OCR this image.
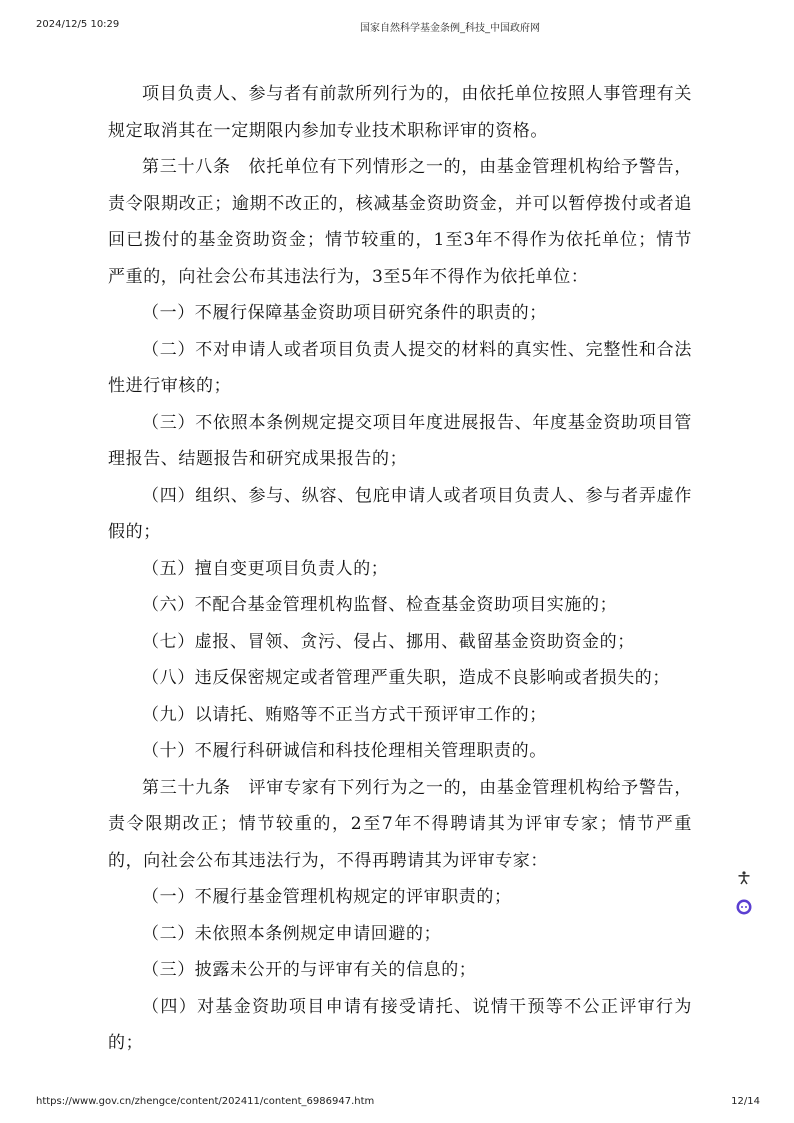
2024/12/5 10:29	国家自然科学基金条例_科技_中国政府网

项目负责人、参与者有前款所列行为的，由依托单位按照人事管理有关规定取消其在一定期限内参加专业技术职称评审的资格。

第三十八条　依托单位有下列情形之一的，由基金管理机构给予警告，责令限期改正；逾期不改正的，核减基金资助资金，并可以暂停拨付或者追回已拨付的基金资助资金；情节较重的，1至3年不得作为依托单位；情节严重的，向社会公布其违法行为，3至5年不得作为依托单位：

（一）不履行保障基金资助项目研究条件的职责的；

（二）不对申请人或者项目负责人提交的材料的真实性、完整性和合法性进行审核的；

（三）不依照本条例规定提交项目年度进展报告、年度基金资助项目管理报告、结题报告和研究成果报告的；

（四）组织、参与、纵容、包庇申请人或者项目负责人、参与者弄虚作假的；

（五）擅自变更项目负责人的；

（六）不配合基金管理机构监督、检查基金资助项目实施的；

（七）虚报、冒领、贪污、侵占、挪用、截留基金资助资金的；

（八）违反保密规定或者管理严重失职，造成不良影响或者损失的；

（九）以请托、贿赂等不正当方式干预评审工作的；

（十）不履行科研诚信和科技伦理相关管理职责的。

第三十九条　评审专家有下列行为之一的，由基金管理机构给予警告，责令限期改正；情节较重的，2至7年不得聘请其为评审专家；情节严重的，向社会公布其违法行为，不得再聘请其为评审专家：

（一）不履行基金管理机构规定的评审职责的；

（二）未依照本条例规定申请回避的；

（三）披露未公开的与评审有关的信息的；

（四）对基金资助项目申请有接受请托、说情干预等不公正评审行为的；

https://www.gov.cn/zhengce/content/202411/content_6986947.htm	12/14
